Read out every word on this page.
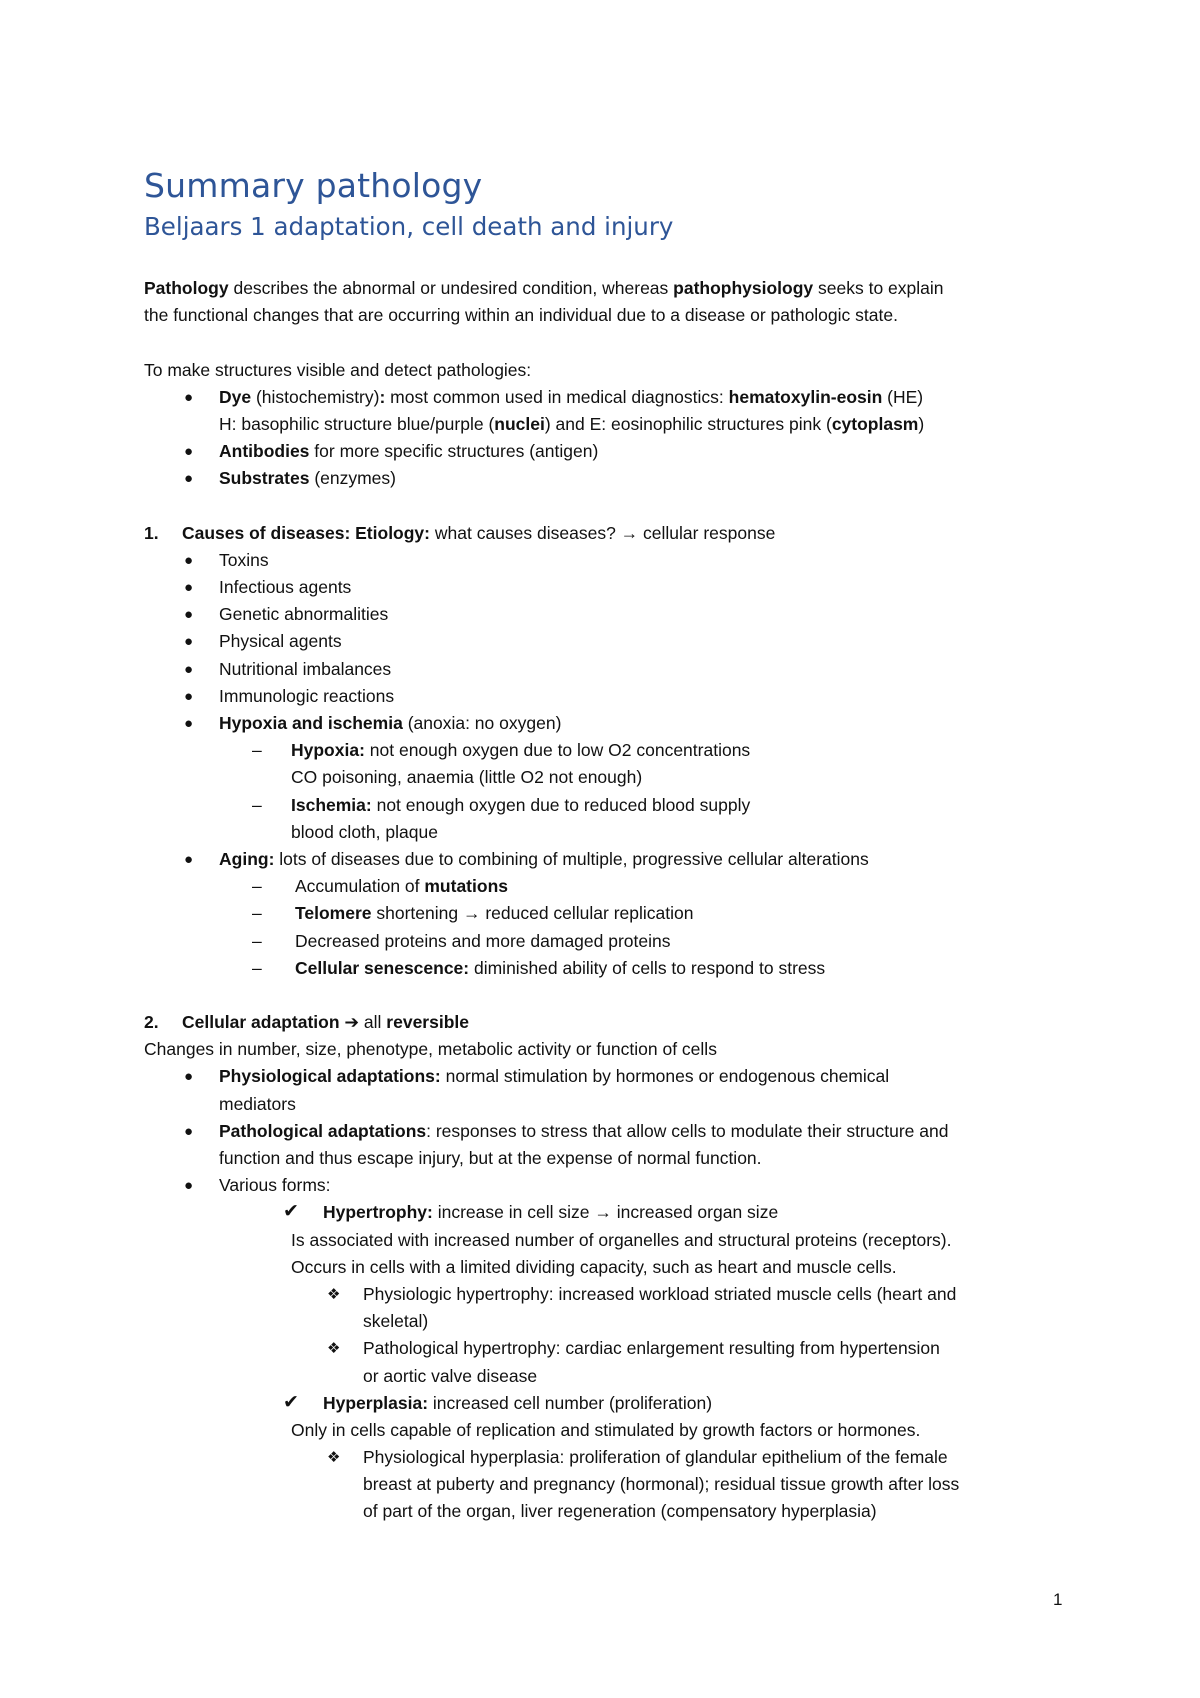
Summary pathology
Beljaars 1 adaptation, cell death and injury
Pathology describes the abnormal or undesired condition, whereas pathophysiology seeks to explain
the functional changes that are occurring within an individual due to a disease or pathologic state.
To make structures visible and detect pathologies:
● Dye (histochemistry): most common used in medical diagnostics: hematoxylin-eosin (HE)
H: basophilic structure blue/purple (nuclei) and E: eosinophilic structures pink (cytoplasm)
● Antibodies for more specific structures (antigen)
● Substrates (enzymes)
1. Causes of diseases: Etiology: what causes diseases? → cellular response
● Toxins
● Infectious agents
● Genetic abnormalities
● Physical agents
● Nutritional imbalances
● Immunologic reactions
● Hypoxia and ischemia (anoxia: no oxygen)
– Hypoxia: not enough oxygen due to low O2 concentrations
CO poisoning, anaemia (little O2 not enough)
– Ischemia: not enough oxygen due to reduced blood supply
blood cloth, plaque
● Aging: lots of diseases due to combining of multiple, progressive cellular alterations
– Accumulation of mutations
– Telomere shortening → reduced cellular replication
– Decreased proteins and more damaged proteins
– Cellular senescence: diminished ability of cells to respond to stress
2. Cellular adaptation ➔ all reversible
Changes in number, size, phenotype, metabolic activity or function of cells
● Physiological adaptations: normal stimulation by hormones or endogenous chemical
mediators
● Pathological adaptations: responses to stress that allow cells to modulate their structure and
function and thus escape injury, but at the expense of normal function.
● Various forms:
✔ Hypertrophy: increase in cell size → increased organ size
Is associated with increased number of organelles and structural proteins (receptors).
Occurs in cells with a limited dividing capacity, such as heart and muscle cells.
❖ Physiologic hypertrophy: increased workload striated muscle cells (heart and
skeletal)
❖ Pathological hypertrophy: cardiac enlargement resulting from hypertension
or aortic valve disease
✔ Hyperplasia: increased cell number (proliferation)
Only in cells capable of replication and stimulated by growth factors or hormones.
❖ Physiological hyperplasia: proliferation of glandular epithelium of the female
breast at puberty and pregnancy (hormonal); residual tissue growth after loss
of part of the organ, liver regeneration (compensatory hyperplasia)
1
